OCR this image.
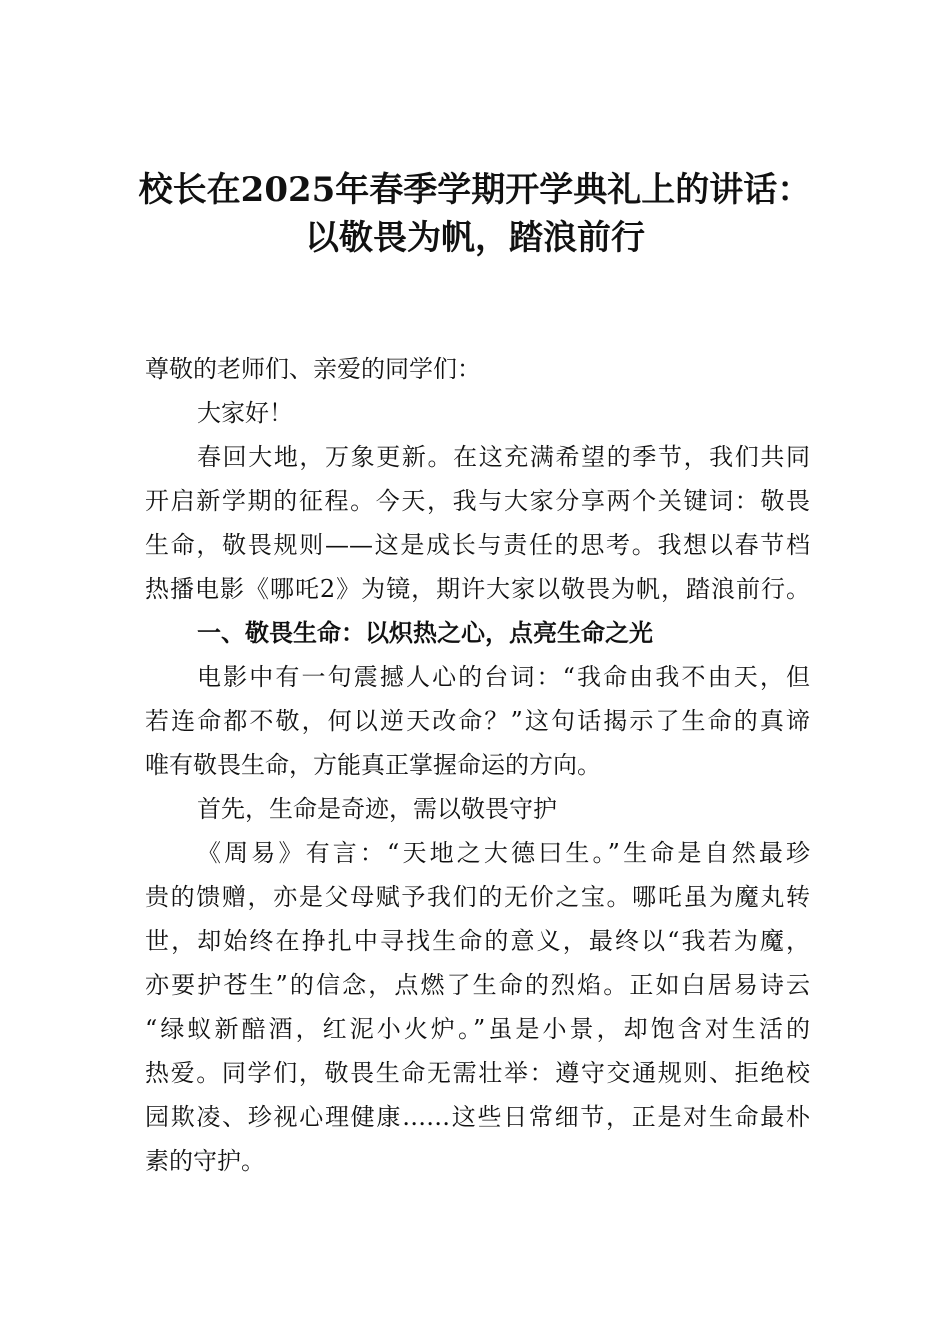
校长在2025年春季学期开学典礼上的讲话：
以敬畏为帆，踏浪前行
尊敬的老师们、亲爱的同学们：
大家好！
春回大地，万象更新。在这充满希望的季节，我们共同
开启新学期的征程。今天，我与大家分享两个关键词：敬畏
生命，敬畏规则——这是成长与责任的思考。我想以春节档
热播电影《哪吒2》为镜，期许大家以敬畏为帆，踏浪前行。
一、敬畏生命：以炽热之心，点亮生命之光
电影中有一句震撼人心的台词：“我命由我不由天，但
若连命都不敬，何以逆天改命？”这句话揭示了生命的真谛
唯有敬畏生命，方能真正掌握命运的方向。
首先，生命是奇迹，需以敬畏守护
《周易》有言：“天地之大德曰生。”生命是自然最珍
贵的馈赠，亦是父母赋予我们的无价之宝。哪吒虽为魔丸转
世，却始终在挣扎中寻找生命的意义，最终以“我若为魔，
亦要护苍生”的信念，点燃了生命的烈焰。正如白居易诗云
“绿蚁新醅酒，红泥小火炉。”虽是小景，却饱含对生活的
热爱。同学们，敬畏生命无需壮举：遵守交通规则、拒绝校
园欺凌、珍视心理健康……这些日常细节，正是对生命最朴
素的守护。
